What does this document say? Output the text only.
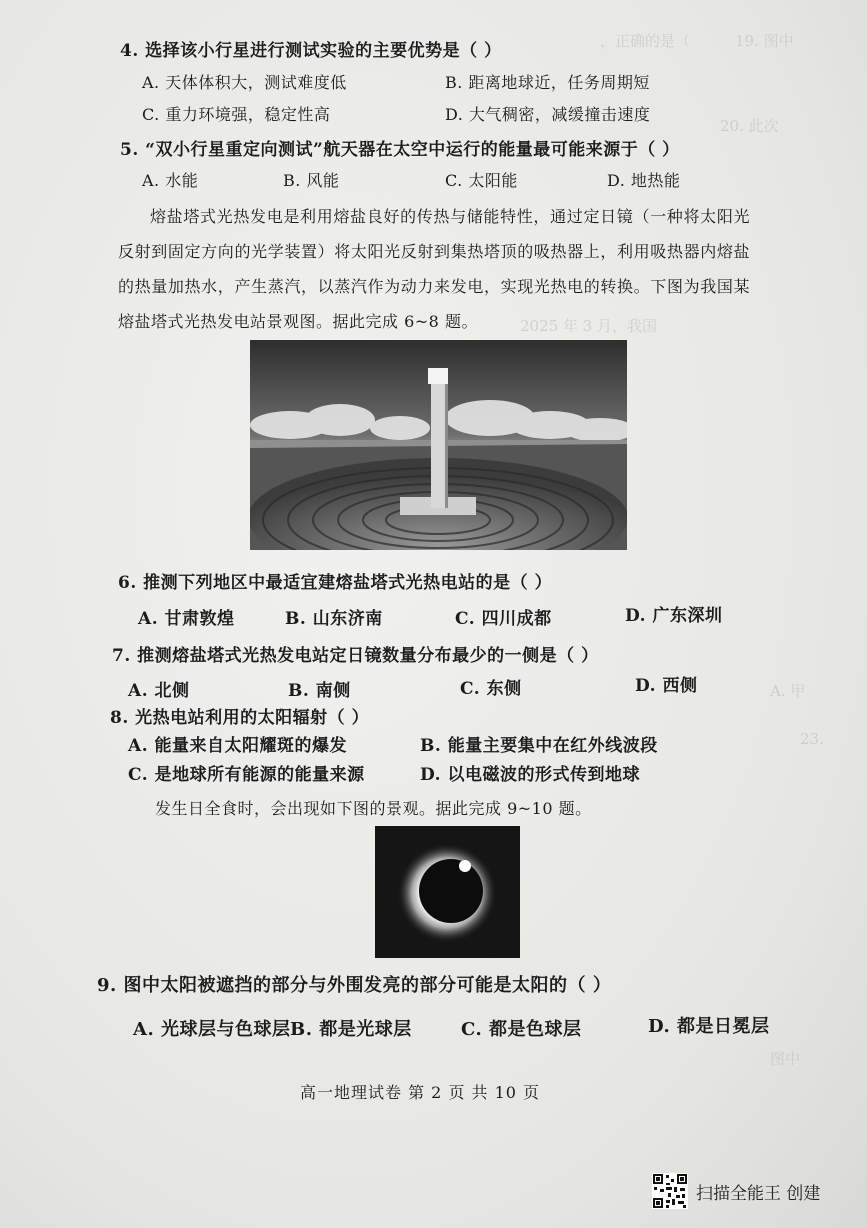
19. 图中
，正确的是（
20. 此次
2025 年 3 月，我国
A. 甲
23.
图中
4. 选择该小行星进行测试实验的主要优势是（ ）
A. 天体体积大，测试难度低	B. 距离地球近，任务周期短
C. 重力环境强，稳定性高	D. 大气稠密，减缓撞击速度
5. “双小行星重定向测试”航天器在太空中运行的能量最可能来源于（ ）
A. 水能	B. 风能	C. 太阳能	D. 地热能
熔盐塔式光热发电是利用熔盐良好的传热与储能特性，通过定日镜（一种将太阳光反射到固定方向的光学装置）将太阳光反射到集热塔顶的吸热器上，利用吸热器内熔盐的热量加热水，产生蒸汽，以蒸汽作为动力来发电，实现光热电的转换。下图为我国某熔盐塔式光热发电站景观图。据此完成 6~8 题。
6. 推测下列地区中最适宜建熔盐塔式光热电站的是（ ）
A. 甘肃敦煌	B. 山东济南	C. 四川成都	D. 广东深圳
7. 推测熔盐塔式光热发电站定日镜数量分布最少的一侧是（ ）
A. 北侧	B. 南侧	C. 东侧	D. 西侧
8. 光热电站利用的太阳辐射（ ）
A. 能量来自太阳耀斑的爆发	B. 能量主要集中在红外线波段
C. 是地球所有能源的能量来源	D. 以电磁波的形式传到地球
发生日全食时，会出现如下图的景观。据此完成 9~10 题。
9. 图中太阳被遮挡的部分与外围发亮的部分可能是太阳的（ ）
A. 光球层与色球层 B. 都是光球层	C. 都是色球层	D. 都是日冕层
高一地理试卷 第 2 页 共 10 页
扫描全能王 创建
